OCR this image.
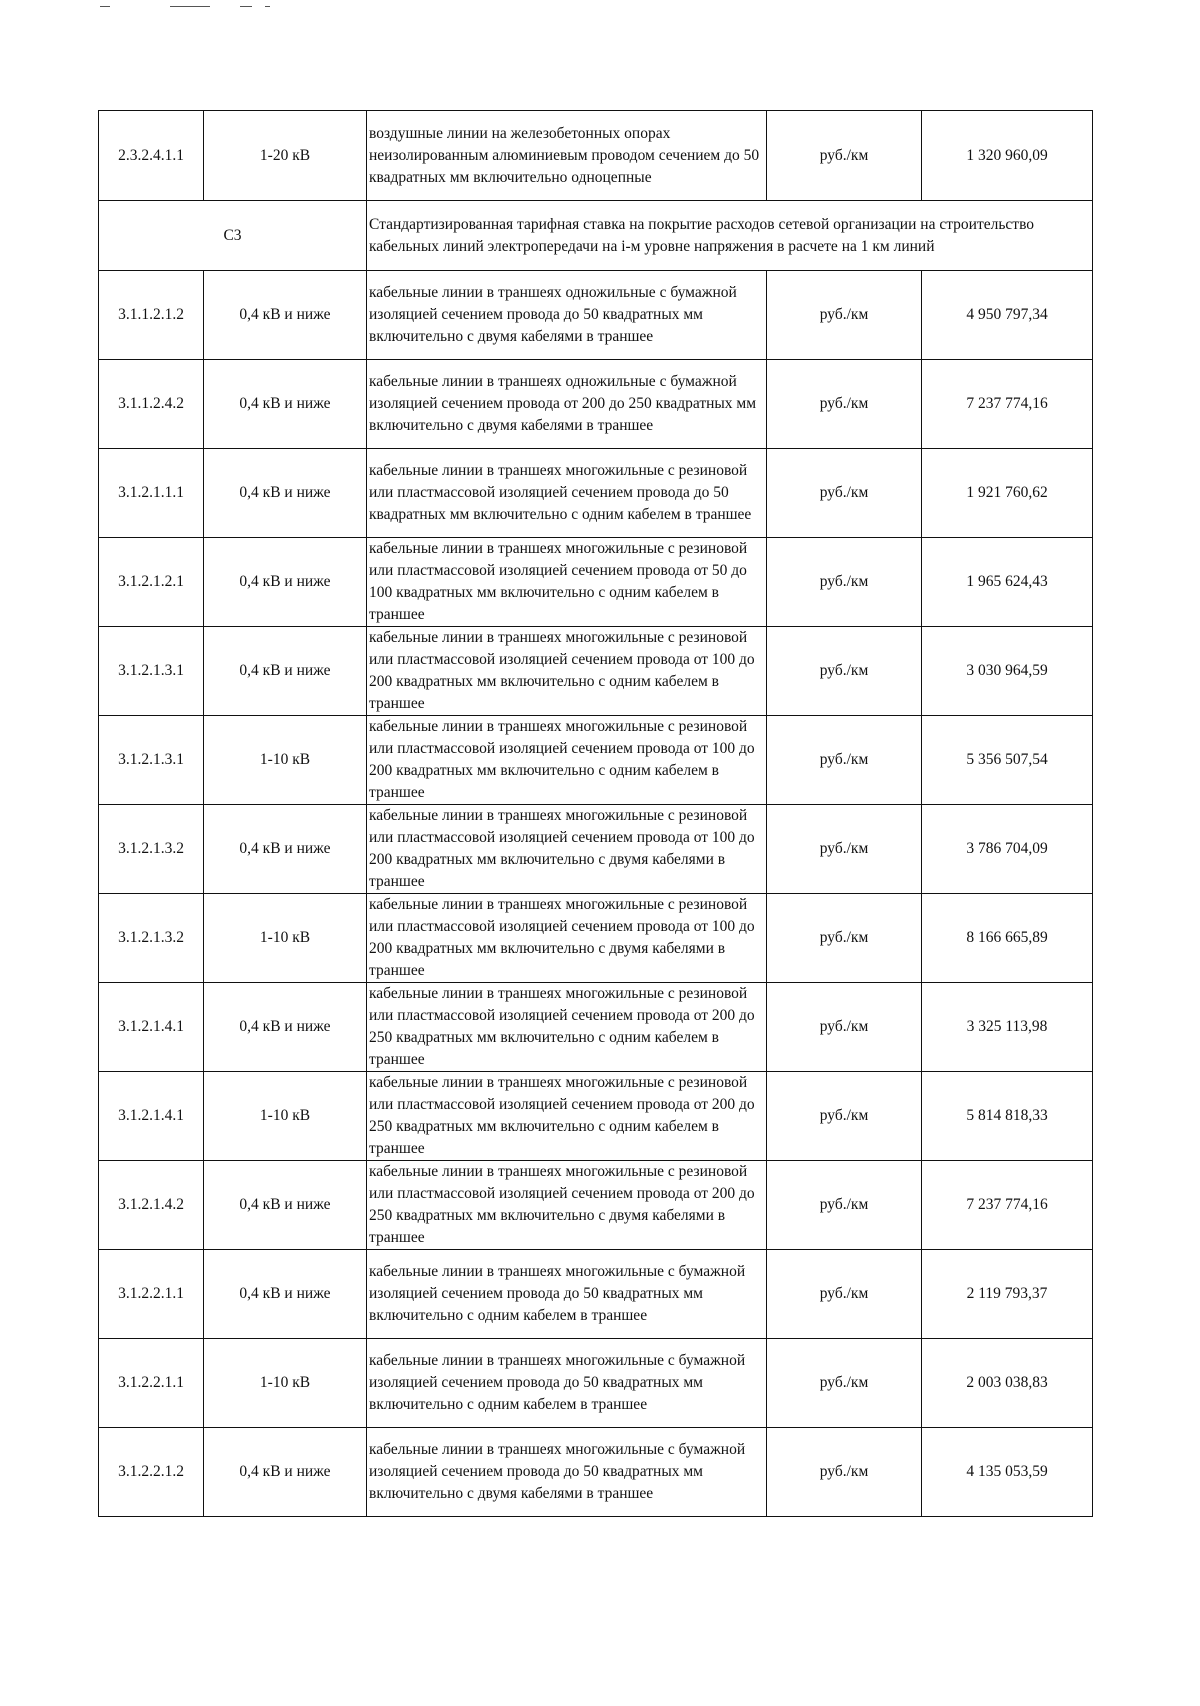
2.3.2.4.1.1	1-20 кВ	воздушные линии на железобетонных опорах неизолированным алюминиевым проводом сечением до 50 квадратных мм включительно одноцепные	руб./км	1 320 960,09
С3		Стандартизированная тарифная ставка на покрытие расходов сетевой организации на строительство кабельных линий электропередачи на i-м уровне напряжения в расчете на 1 км линий		
3.1.1.2.1.2	0,4 кВ и ниже	кабельные линии в траншеях одножильные с бумажной изоляцией сечением провода до 50 квадратных мм включительно с двумя кабелями в траншее	руб./км	4 950 797,34
3.1.1.2.4.2	0,4 кВ и ниже	кабельные линии в траншеях одножильные с бумажной изоляцией сечением провода от 200 до 250 квадратных мм включительно с двумя кабелями в траншее	руб./км	7 237 774,16
3.1.2.1.1.1	0,4 кВ и ниже	кабельные линии в траншеях многожильные с резиновой или пластмассовой изоляцией сечением провода до 50 квадратных мм включительно с одним кабелем в траншее	руб./км	1 921 760,62
3.1.2.1.2.1	0,4 кВ и ниже	кабельные линии в траншеях многожильные с резиновой или пластмассовой изоляцией сечением провода от 50 до 100 квадратных мм включительно с одним кабелем в траншее	руб./км	1 965 624,43
3.1.2.1.3.1	0,4 кВ и ниже	кабельные линии в траншеях многожильные с резиновой или пластмассовой изоляцией сечением провода от 100 до 200 квадратных мм включительно с одним кабелем в траншее	руб./км	3 030 964,59
3.1.2.1.3.1	1-10 кВ	кабельные линии в траншеях многожильные с резиновой или пластмассовой изоляцией сечением провода от 100 до 200 квадратных мм включительно с одним кабелем в траншее	руб./км	5 356 507,54
3.1.2.1.3.2	0,4 кВ и ниже	кабельные линии в траншеях многожильные с резиновой или пластмассовой изоляцией сечением провода от 100 до 200 квадратных мм включительно с двумя кабелями в траншее	руб./км	3 786 704,09
3.1.2.1.3.2	1-10 кВ	кабельные линии в траншеях многожильные с резиновой или пластмассовой изоляцией сечением провода от 100 до 200 квадратных мм включительно с двумя кабелями в траншее	руб./км	8 166 665,89
3.1.2.1.4.1	0,4 кВ и ниже	кабельные линии в траншеях многожильные с резиновой или пластмассовой изоляцией сечением провода от 200 до 250 квадратных мм включительно с одним кабелем в траншее	руб./км	3 325 113,98
3.1.2.1.4.1	1-10 кВ	кабельные линии в траншеях многожильные с резиновой или пластмассовой изоляцией сечением провода от 200 до 250 квадратных мм включительно с одним кабелем в траншее	руб./км	5 814 818,33
3.1.2.1.4.2	0,4 кВ и ниже	кабельные линии в траншеях многожильные с резиновой или пластмассовой изоляцией сечением провода от 200 до 250 квадратных мм включительно с двумя кабелями в траншее	руб./км	7 237 774,16
3.1.2.2.1.1	0,4 кВ и ниже	кабельные линии в траншеях многожильные с бумажной изоляцией сечением провода до 50 квадратных мм включительно с одним кабелем в траншее	руб./км	2 119 793,37
3.1.2.2.1.1	1-10 кВ	кабельные линии в траншеях многожильные с бумажной изоляцией сечением провода до 50 квадратных мм включительно с одним кабелем в траншее	руб./км	2 003 038,83
3.1.2.2.1.2	0,4 кВ и ниже	кабельные линии в траншеях многожильные с бумажной изоляцией сечением провода до 50 квадратных мм включительно с двумя кабелями в траншее	руб./км	4 135 053,59
